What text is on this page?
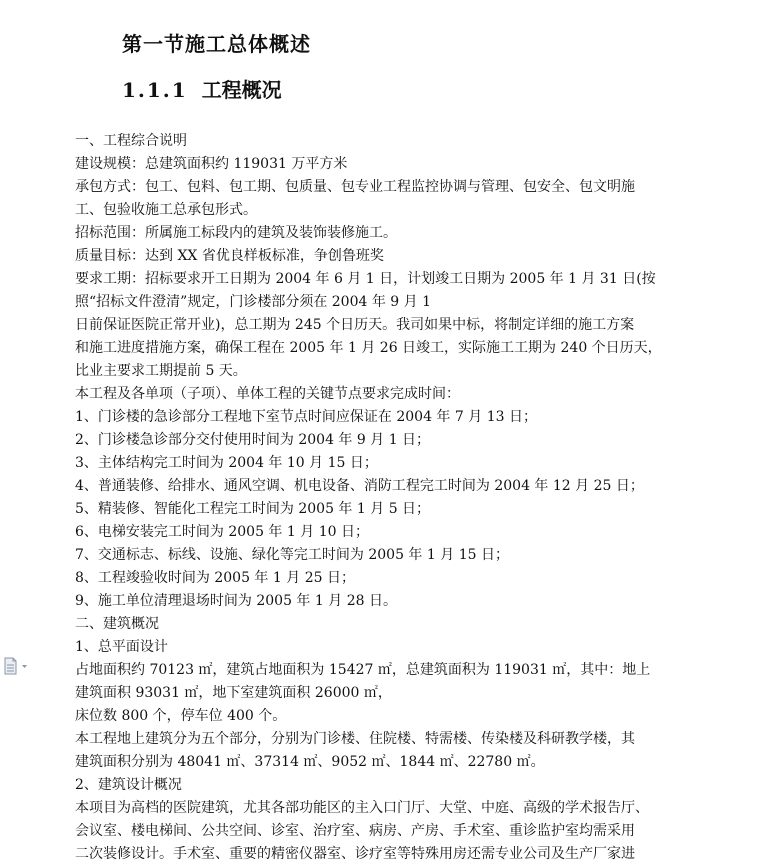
第一节施工总体概述
1.1.1 工程概况
一、工程综合说明
建设规模：总建筑面积约 119031 万平方米
承包方式：包工、包料、包工期、包质量、包专业工程监控协调与管理、包安全、包文明施
工、包验收施工总承包形式。
招标范围：所属施工标段内的建筑及装饰装修施工。
质量目标：达到 XX 省优良样板标准，争创鲁班奖
要求工期：招标要求开工日期为 2004 年 6 月 1 日，计划竣工日期为 2005 年 1 月 31 日(按
照“招标文件澄清”规定，门诊楼部分须在 2004 年 9 月 1
日前保证医院正常开业)，总工期为 245 个日历天。我司如果中标，将制定详细的施工方案
和施工进度措施方案，确保工程在 2005 年 1 月 26 日竣工，实际施工工期为 240 个日历天，
比业主要求工期提前 5 天。
本工程及各单项（子项）、单体工程的关键节点要求完成时间：
1、门诊楼的急诊部分工程地下室节点时间应保证在 2004 年 7 月 13 日；
2、门诊楼急诊部分交付使用时间为 2004 年 9 月 1 日；
3、主体结构完工时间为 2004 年 10 月 15 日；
4、普通装修、给排水、通风空调、机电设备、消防工程完工时间为 2004 年 12 月 25 日；
5、精装修、智能化工程完工时间为 2005 年 1 月 5 日；
6、电梯安装完工时间为 2005 年 1 月 10 日；
7、交通标志、标线、设施、绿化等完工时间为 2005 年 1 月 15 日；
8、工程竣验收时间为 2005 年 1 月 25 日；
9、施工单位清理退场时间为 2005 年 1 月 28 日。
二、建筑概况
1、总平面设计
占地面积约 70123 ㎡，建筑占地面积为 15427 ㎡，总建筑面积为 119031 ㎡，其中：地上
建筑面积 93031 ㎡，地下室建筑面积 26000 ㎡，
床位数 800 个，停车位 400 个。
本工程地上建筑分为五个部分，分别为门诊楼、住院楼、特需楼、传染楼及科研教学楼，其
建筑面积分别为 48041 ㎡、37314 ㎡、9052 ㎡、1844 ㎡、22780 ㎡。
2、建筑设计概况
本项目为高档的医院建筑，尤其各部功能区的主入口门厅、大堂、中庭、高级的学术报告厅、
会议室、楼电梯间、公共空间、诊室、治疗室、病房、产房、手术室、重诊监护室均需采用
二次装修设计。手术室、重要的精密仪器室、诊疗室等特殊用房还需专业公司及生产厂家进
